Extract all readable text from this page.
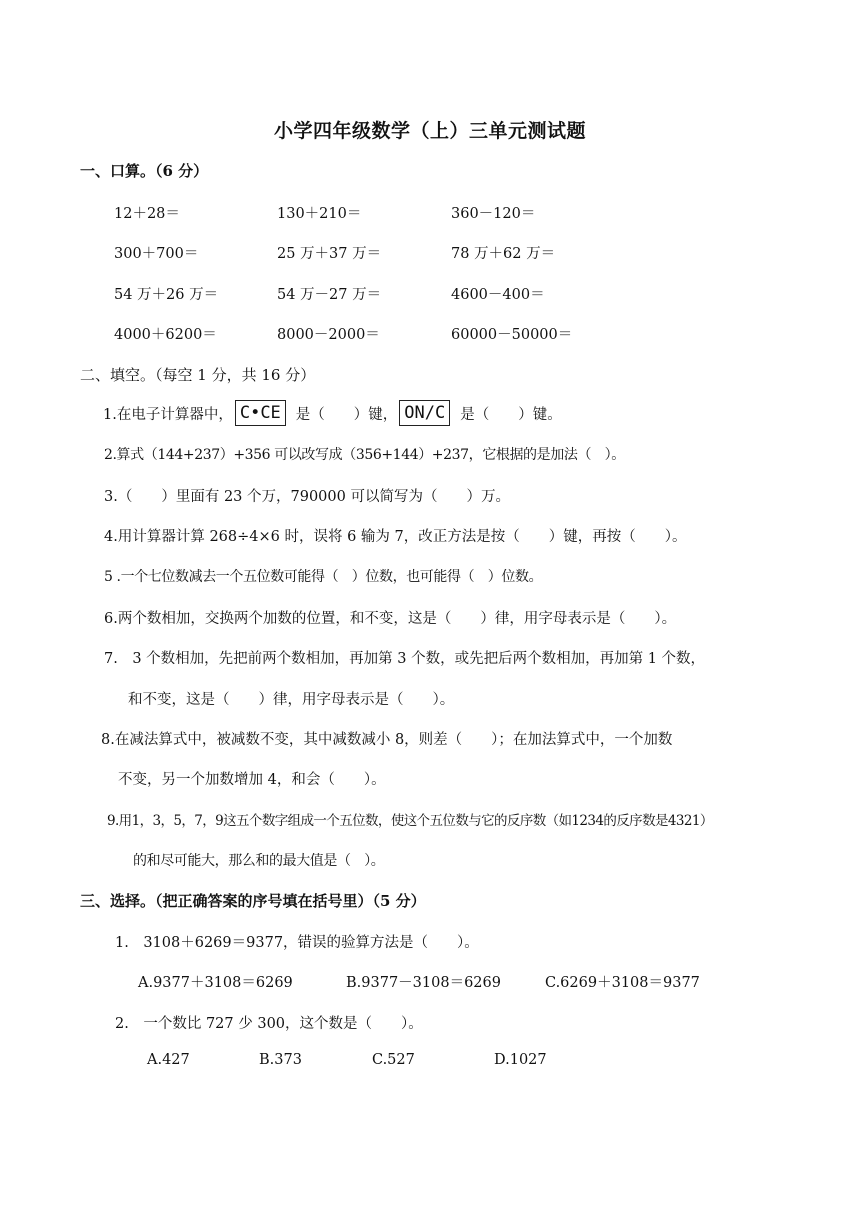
小学四年级数学（上）三单元测试题
一、口算。（6 分）
12＋28＝	130＋210＝	360－120＝
300＋700＝	25 万＋37 万＝	78 万＋62 万＝
54 万＋26 万＝	54 万－27 万＝	4600－400＝
4000＋6200＝	8000－2000＝	60000－50000＝
二、填空。（每空 1 分，共 16 分）
1.在电子计算器中， C•CE	是（　　）键， ON/C	是（　　）键。
2.算式（144+237）+356 可以改写成（356+144）+237，它根据的是加法（　）。
3.（　　）里面有 23 个万，790000 可以简写为（　　）万。
4.用计算器计算 268÷4×6 时，误将 6 输为 7，改正方法是按（　　）键，再按（　　）。
5 .一个七位数减去一个五位数可能得（　）位数，也可能得（　）位数。
6.两个数相加，交换两个加数的位置，和不变，这是（　　）律，用字母表示是（　　）。
7.　3 个数相加，先把前两个数相加，再加第 3 个数，或先把后两个数相加，再加第 1 个数，
和不变，这是（　　）律，用字母表示是（　　）。
8.在减法算式中，被减数不变，其中减数减小 8，则差（　　）；在加法算式中，一个加数
不变，另一个加数增加 4，和会（　　）。
9.用1，3，5，7，9这五个数字组成一个五位数，使这个五位数与它的反序数（如1234的反序数是4321）
的和尽可能大，那么和的最大值是（　）。
三、选择。（把正确答案的序号填在括号里）（5 分）
1.　3108＋6269＝9377，错误的验算方法是（　　）。
A.9377＋3108＝6269	B.9377－3108＝6269	C.6269＋3108＝9377
2.　一个数比 727 少 300，这个数是（　　）。
A.427	B.373	C.527	D.1027
